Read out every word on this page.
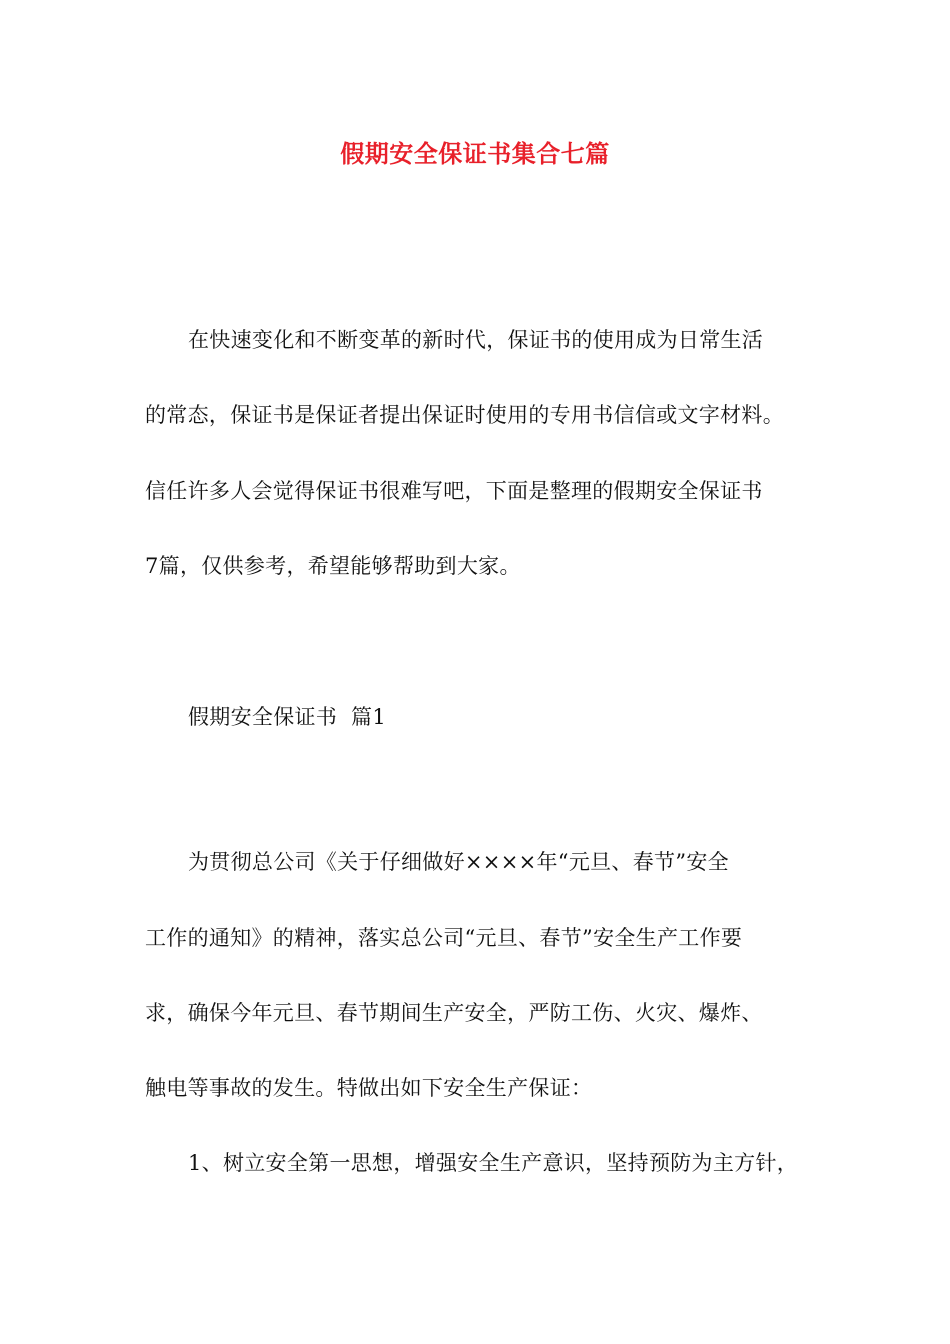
假期安全保证书集合七篇
在快速变化和不断变革的新时代，保证书的使用成为日常生活
的常态，保证书是保证者提出保证时使用的专用书信信或文字材料。
信任许多人会觉得保证书很难写吧，下面是整理的假期安全保证书
7篇，仅供参考，希望能够帮助到大家。
假期安全保证书  篇1
为贯彻总公司《关于仔细做好××××年“元旦、春节”安全
工作的通知》的精神，落实总公司“元旦、春节”安全生产工作要
求，确保今年元旦、春节期间生产安全，严防工伤、火灾、爆炸、
触电等事故的发生。特做出如下安全生产保证：
1、树立安全第一思想，增强安全生产意识，坚持预防为主方针，
